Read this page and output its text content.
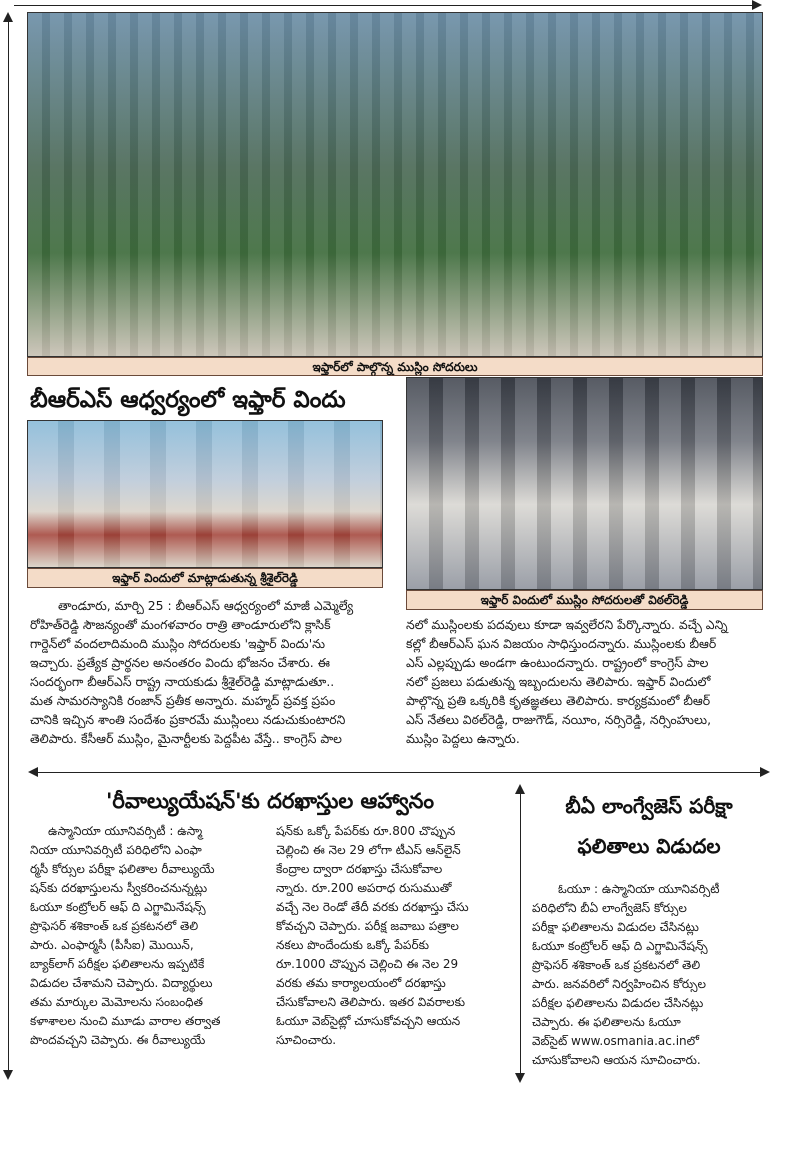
ఇఫ్తార్‌లో పాల్గొన్న ముస్లిం సోదరులు
బీఆర్‌ఎస్‌ ఆధ్వర్యంలో ఇఫ్తార్‌ విందు
ఇఫ్తార్‌ విందులో మాట్లాడుతున్న శ్రీశైల్‌రెడ్డి
ఇఫ్తార్‌ విందులో ముస్లిం సోదరులతో విఠల్‌రెడ్డి
తాండూరు, మార్చి 25 : బీఆర్‌ఎస్‌ ఆధ్వర్యంలో మాజీ ఎమ్మెల్యే
రోహిత్‌రెడ్డి సౌజన్యంతో మంగళవారం రాత్రి తాండూరులోని క్లాసిక్‌
గార్డెన్‌లో వందలాదిమంది ముస్లిం సోదరులకు 'ఇఫ్తార్‌ విందు'ను
ఇచ్చారు. ప్రత్యేక ప్రార్థనల అనంతరం విందు భోజనం చేశారు. ఈ
సందర్భంగా బీఆర్‌ఎస్‌ రాష్ట్ర నాయకుడు శ్రీశైల్‌రెడ్డి మాట్లాడుతూ..
మత సామరస్యానికి రంజాన్‌ ప్రతీక అన్నారు. మహ్మద్‌ ప్రవక్త ప్రపం
చానికి ఇచ్చిన శాంతి సందేశం ప్రకారమే ముస్లింలు నడుచుకుంటారని
తెలిపారు. కేసీఆర్‌ ముస్లిం, మైనార్టీలకు పెద్దపీట వేస్తే.. కాంగ్రెస్‌ పాల
నలో ముస్లింలకు పదవులు కూడా ఇవ్వలేరని పేర్కొన్నారు. వచ్చే ఎన్ని
కల్లో బీఆర్‌ఎస్‌ ఘన విజయం సాధిస్తుందన్నారు. ముస్లింలకు బీఆర్‌
ఎస్‌ ఎల్లప్పుడు అండగా ఉంటుందన్నారు. రాష్ట్రంలో కాంగ్రెస్‌ పాల
నలో ప్రజలు పడుతున్న ఇబ్బందులను తెలిపారు. ఇఫ్తార్‌ విందులో
పాల్గొన్న ప్రతి ఒక్కరికి కృతజ్ఞతలు తెలిపారు. కార్యక్రమంలో బీఆర్‌
ఎస్‌ నేతలు విఠల్‌రెడ్డి, రాజుగౌడ్‌, నయీం, నర్సిరెడ్డి, నర్సింహులు,
ముస్లిం పెద్దలు ఉన్నారు.
'రీవాల్యుయేషన్‌'కు దరఖాస్తుల ఆహ్వానం
ఉస్మానియా యూనివర్సిటీ : ఉస్మా
నియా యూనివర్సిటీ పరిధిలోని ఎంఫా
ర్మసీ కోర్సుల పరీక్షా ఫలితాల రీవాల్యుయే
షన్‌కు దరఖాస్తులను స్వీకరించనున్నట్లు
ఓయూ కంట్రోలర్‌ ఆఫ్‌ ది ఎగ్జామినేషన్స్‌
ప్రొఫెసర్‌ శశికాంత్‌ ఒక ప్రకటనలో తెలి
పారు. ఎంఫార్మసీ (పీసీఐ) మొయిన్‌,
బ్యాక్‌లాగ్‌ పరీక్షల ఫలితాలను ఇప్పటికే
విడుదల చేశామని చెప్పారు. విద్యార్థులు
తమ మార్కుల మెమోలను సంబంధిత
కళాశాలల నుంచి మూడు వారాల తర్వాత
పొందవచ్చని చెప్పారు. ఈ రీవాల్యుయే
షన్‌కు ఒక్కో పేపర్‌కు రూ.800 చొప్పున
చెల్లించి ఈ నెల 29 లోగా టీఎస్‌ ఆన్‌లైన్‌
కేంద్రాల ద్వారా దరఖాస్తు చేసుకోవాల
న్నారు. రూ.200 అపరాధ రుసుముతో
వచ్చే నెల రెండో తేదీ వరకు దరఖాస్తు చేసు
కోవచ్చని చెప్పారు. పరీక్ష జవాబు పత్రాల
నకలు పొందేందుకు ఒక్కో పేపర్‌కు
రూ.1000 చొప్పున చెల్లించి ఈ నెల 29
వరకు తమ కార్యాలయంలో దరఖాస్తు
చేసుకోవాలని తెలిపారు. ఇతర వివరాలకు
ఓయూ వెబ్‌సైట్లో చూసుకోవచ్చని ఆయన
సూచించారు.
బీఏ లాంగ్వేజెస్‌ పరీక్షా
ఫలితాలు విడుదల
ఓయూ : ఉస్మానియా యూనివర్సిటీ
పరిధిలోని బీఏ లాంగ్వేజెస్‌ కోర్సుల
పరీక్షా ఫలితాలను విడుదల చేసినట్లు
ఓయూ కంట్రోలర్‌ ఆఫ్‌ ది ఎగ్జామినేషన్స్‌
ప్రొఫెసర్‌ శశికాంత్‌ ఒక ప్రకటనలో తెలి
పారు. జనవరిలో నిర్వహించిన కోర్సుల
పరీక్షల ఫలితాలను విడుదల చేసినట్లు
చెప్పారు. ఈ ఫలితాలను ఓయూ
వెబ్‌సైట్‌ www.osmania.ac.inలో
చూసుకోవాలని ఆయన సూచించారు.
